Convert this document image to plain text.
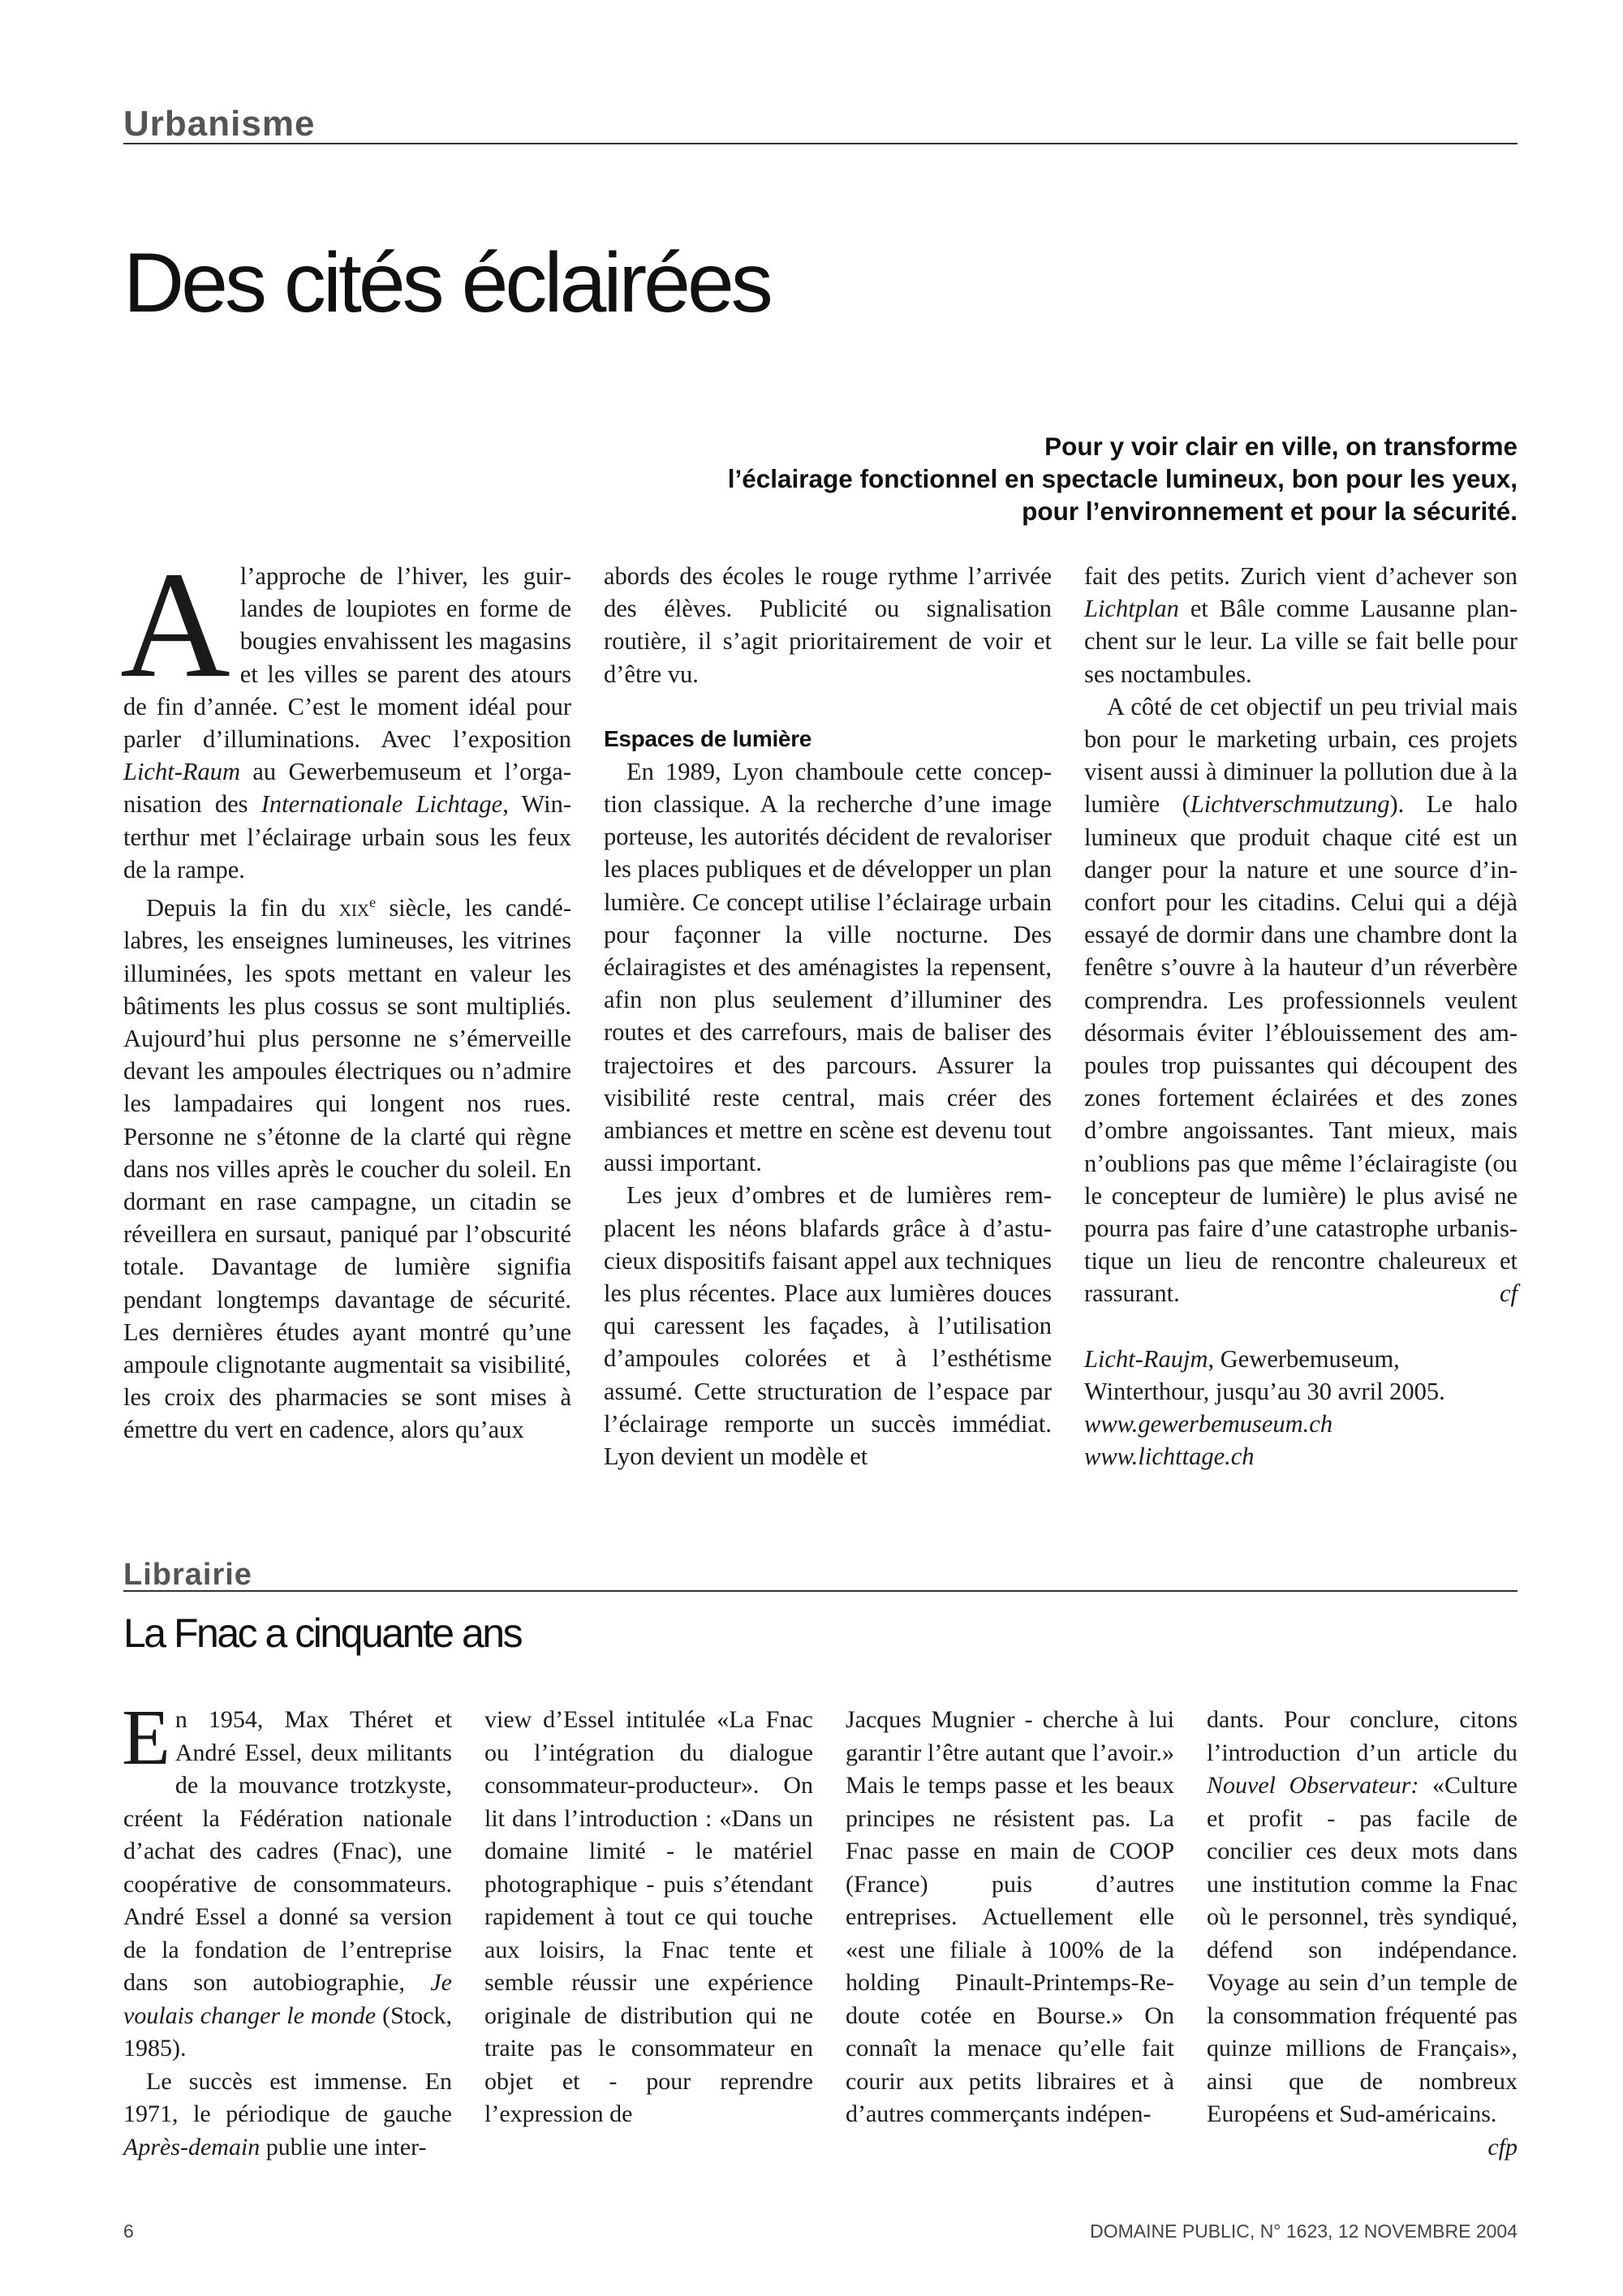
Urbanisme
Des cités éclairées
Pour y voir clair en ville, on transforme
l’éclairage fonctionnel en spectacle lumineux, bon pour les yeux,
pour l’environnement et pour la sécurité.

Al’approche de l’hiver, les guirlandes de loupiotes en forme de bougies envahissent les magasins et les villes se parent des atours de fin d’année. C’est le moment idéal pour parler d’illuminations. Avec l’exposition Licht-Raum au Gewerbemuseum et l’organisation des Internationale Lichtage, Winterthur met l’éclairage urbain sous les feux de la rampe.

Depuis la fin du xix$^e$ siècle, les candélabres, les enseignes lumineuses, les vitrines illuminées, les spots mettant en valeur les bâtiments les plus cossus se sont multipliés. Aujourd’hui plus personne ne s’émerveille devant les ampoules électriques ou n’admire les lampadaires qui longent nos rues. Personne ne s’étonne de la clarté qui règne dans nos villes après le coucher du soleil. En dormant en rase campagne, un citadin se réveillera en sursaut, paniqué par l’obscurité totale. Davantage de lumière signifia pendant longtemps davantage de sécurité. Les dernières études ayant montré qu’une ampoule clignotante augmentait sa visibilité, les croix des pharmacies se sont mises à émettre du vert en cadence, alors qu’aux

abords des écoles le rouge rythme l’arrivée des élèves. Publicité ou signalisation routière, il s’agit prioritairement de voir et d’être vu.

Espaces de lumière

En 1989, Lyon chamboule cette conception classique. A la recherche d’une image porteuse, les autorités décident de revaloriser les places publiques et de développer un plan lumière. Ce concept utilise l’éclairage urbain pour façonner la ville nocturne. Des éclairagistes et des aménagistes la repensent, afin non plus seulement d’illuminer des routes et des carrefours, mais de baliser des trajectoires et des parcours. Assurer la visibilité reste central, mais créer des ambiances et mettre en scène est devenu tout aussi important.

Les jeux d’ombres et de lumières remplacent les néons blafards grâce à d’astucieux dispositifs faisant appel aux techniques les plus récentes. Place aux lumières douces qui caressent les façades, à l’utilisation d’ampoules colorées et à l’esthétisme assumé. Cette structuration de l’espace par l’éclairage remporte un succès immédiat. Lyon devient un modèle et

fait des petits. Zurich vient d’achever son Lichtplan et Bâle comme Lausanne planchent sur le leur. La ville se fait belle pour ses noctambules.

A côté de cet objectif un peu trivial mais bon pour le marketing urbain, ces projets visent aussi à diminuer la pollution due à la lumière (Lichtverschmutzung). Le halo lumineux que produit chaque cité est un danger pour la nature et une source d’inconfort pour les citadins. Celui qui a déjà essayé de dormir dans une chambre dont la fenêtre s’ouvre à la hauteur d’un réverbère comprendra. Les professionnels veulent désormais éviter l’éblouissement des ampoules trop puissantes qui découpent des zones fortement éclairées et des zones d’ombre angoissantes. Tant mieux, mais n’oublions pas que même l’éclairagiste (ou le concepteur de lumière) le plus avisé ne pourra pas faire d’une catastrophe urbanistique un lieu de rencontre chaleureux et rassurant.	cf

Licht-Raujm, Gewerbemuseum,
Winterthour, jusqu’au 30 avril 2005.
www.gewerbemuseum.ch
www.lichttage.ch
Librairie
La Fnac a cinquante ans

En 1954, Max Théret et André Essel, deux militants de la mouvance trotzkyste, créent la Fédération nationale d’achat des cadres (Fnac), une coopérative de consommateurs. André Essel a donné sa version de la fondation de l’entreprise dans son autobiographie, Je voulais changer le monde (Stock, 1985).

Le succès est immense. En 1971, le périodique de gauche Après-demain publie une inter-

view d’Essel intitulée «La Fnac ou l’intégration du dialogue consommateur-producteur». On lit dans l’introduction : «Dans un domaine limité - le matériel photographique - puis s’étendant rapidement à tout ce qui touche aux loisirs, la Fnac tente et semble réussir une expérience originale de distribution qui ne traite pas le consommateur en objet et - pour reprendre l’expression de

Jacques Mugnier - cherche à lui garantir l’être autant que l’avoir.» Mais le temps passe et les beaux principes ne résistent pas. La Fnac passe en main de COOP (France) puis d’autres entreprises. Actuellement elle «est une filiale à 100% de la holding Pinault-Printemps-Redoute cotée en Bourse.» On connaît la menace qu’elle fait courir aux petits libraires et à d’autres commerçants indépen-

dants. Pour conclure, citons l’introduction d’un article du Nouvel Observateur: «Culture et profit - pas facile de concilier ces deux mots dans une institution comme la Fnac où le personnel, très syndiqué, défend son indépendance. Voyage au sein d’un temple de la consommation fréquenté pas quinze millions de Français», ainsi que de nombreux Européens et Sud-américains.
cfp

6	DOMAINE PUBLIC, N° 1623, 12 NOVEMBRE 2004
